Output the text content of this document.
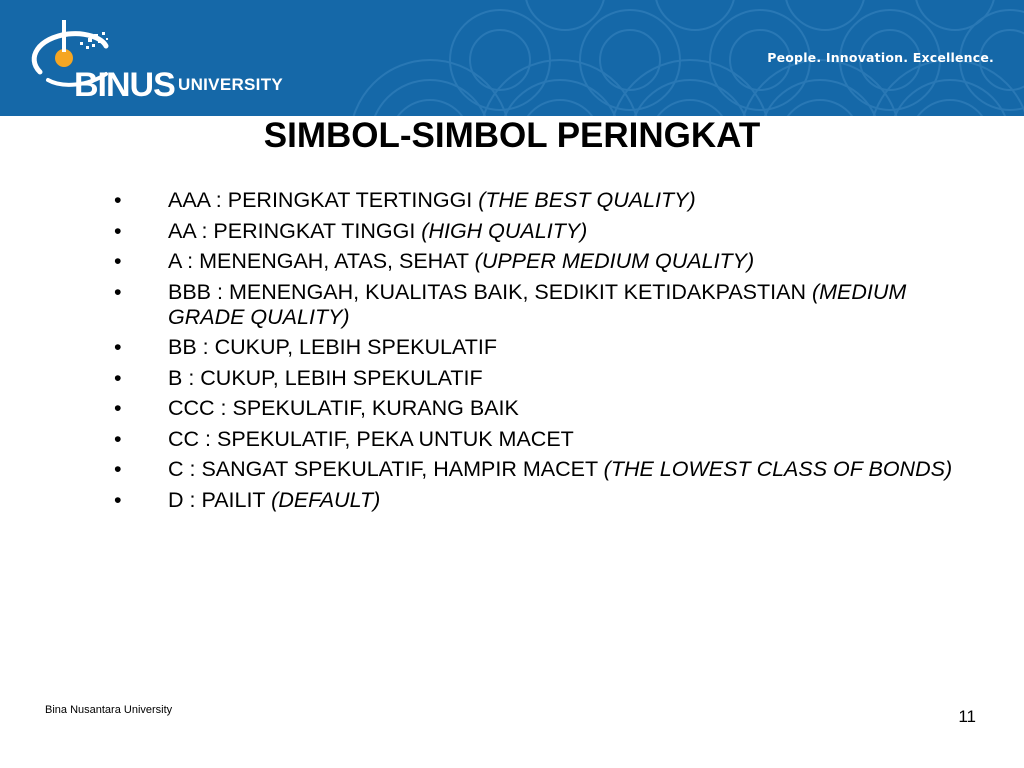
BINUS UNIVERSITY
People. Innovation. Excellence.
SIMBOL-SIMBOL PERINGKAT
• AAA : PERINGKAT TERTINGGI (THE BEST QUALITY)
• AA : PERINGKAT TINGGI (HIGH QUALITY)
• A : MENENGAH, ATAS, SEHAT (UPPER MEDIUM QUALITY)
• BBB : MENENGAH, KUALITAS BAIK, SEDIKIT KETIDAKPASTIAN (MEDIUM GRADE QUALITY)
• BB : CUKUP, LEBIH SPEKULATIF
• B : CUKUP, LEBIH SPEKULATIF
• CCC : SPEKULATIF, KURANG BAIK
• CC : SPEKULATIF, PEKA UNTUK MACET
• C : SANGAT SPEKULATIF, HAMPIR MACET (THE LOWEST CLASS OF BONDS)
• D : PAILIT (DEFAULT)
Bina Nusantara University	11
